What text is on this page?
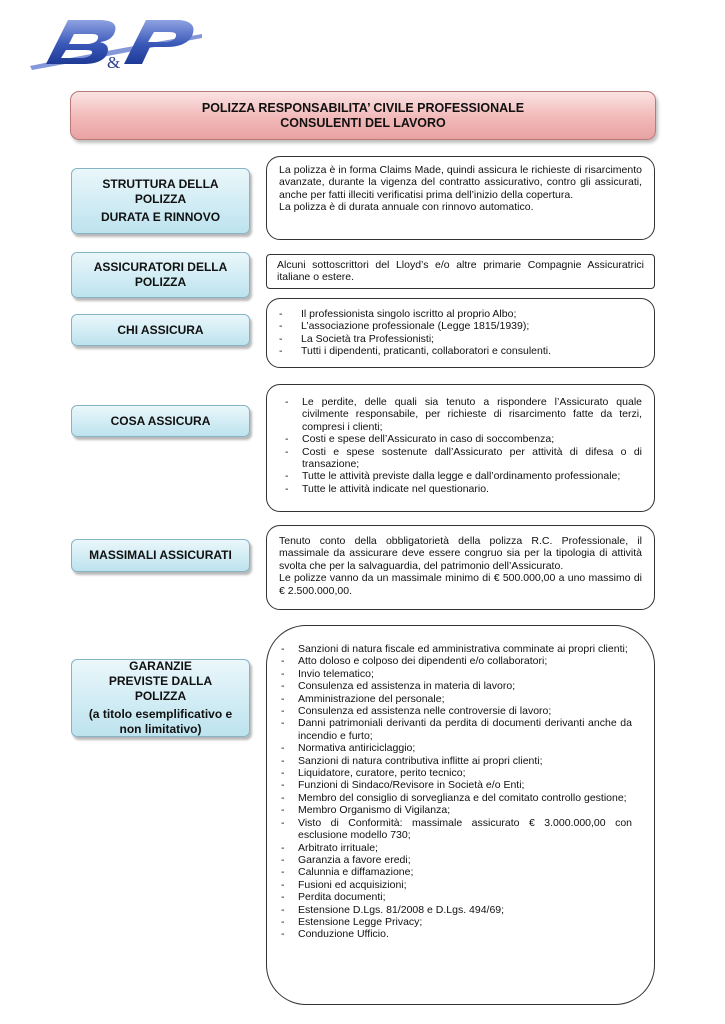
&
POLIZZA RESPONSABILITA’ CIVILE PROFESSIONALE
CONSULENTI DEL LAVORO
STRUTTURA DELLA POLIZZA
DURATA E RINNOVO

La polizza è in forma Claims Made, quindi assicura le richieste di risarcimento avanzate, durante la vigenza del contratto assicurativo, contro gli assicurati, anche per fatti illeciti verificatisi prima dell’inizio della copertura.

La polizza è di durata annuale con rinnovo automatico.

ASSICURATORI DELLA POLIZZA

Alcuni sottoscrittori del Lloyd’s e/o altre primarie Compagnie Assicuratrici italiane o estere.

CHI ASSICURA
- Il professionista singolo iscritto al proprio Albo;
- L’associazione professionale (Legge 1815/1939);
- La Società tra Professionisti;
- Tutti i dipendenti, praticanti, collaboratori e consulenti.
COSA ASSICURA
- Le perdite, delle quali sia tenuto a rispondere l’Assicurato quale civilmente responsabile, per richieste di risarcimento fatte da terzi, compresi i clienti;
- Costi e spese dell’Assicurato in caso di soccombenza;
- Costi e spese sostenute dall’Assicurato per attività di difesa o di transazione;
- Tutte le attività previste dalla legge e dall’ordinamento professionale;
- Tutte le attività indicate nel questionario.
MASSIMALI ASSICURATI

Tenuto conto della obbligatorietà della polizza R.C. Professionale, il massimale da assicurare deve essere congruo sia per la tipologia di attività svolta che per la salvaguardia, del patrimonio dell’Assicurato.

Le polizze vanno da un massimale minimo di € 500.000,00 a uno massimo di € 2.500.000,00.

GARANZIE PREVISTE DALLA POLIZZA
(a titolo esemplificativo e non limitativo)
- Sanzioni di natura fiscale ed amministrativa comminate ai propri clienti;
- Atto doloso e colposo dei dipendenti e/o collaboratori;
- Invio telematico;
- Consulenza ed assistenza in materia di lavoro;
- Amministrazione del personale;
- Consulenza ed assistenza nelle controversie di lavoro;
- Danni patrimoniali derivanti da perdita di documenti derivanti anche da incendio e furto;
- Normativa antiriciclaggio;
- Sanzioni di natura contributiva inflitte ai propri clienti;
- Liquidatore, curatore, perito tecnico;
- Funzioni di Sindaco/Revisore in Società e/o Enti;
- Membro del consiglio di sorveglianza e del comitato controllo gestione;
- Membro Organismo di Vigilanza;
- Visto di Conformità: massimale assicurato € 3.000.000,00 con esclusione modello 730;
- Arbitrato irrituale;
- Garanzia a favore eredi;
- Calunnia e diffamazione;
- Fusioni ed acquisizioni;
- Perdita documenti;
- Estensione D.Lgs. 81/2008 e D.Lgs. 494/69;
- Estensione Legge Privacy;
- Conduzione Ufficio.
